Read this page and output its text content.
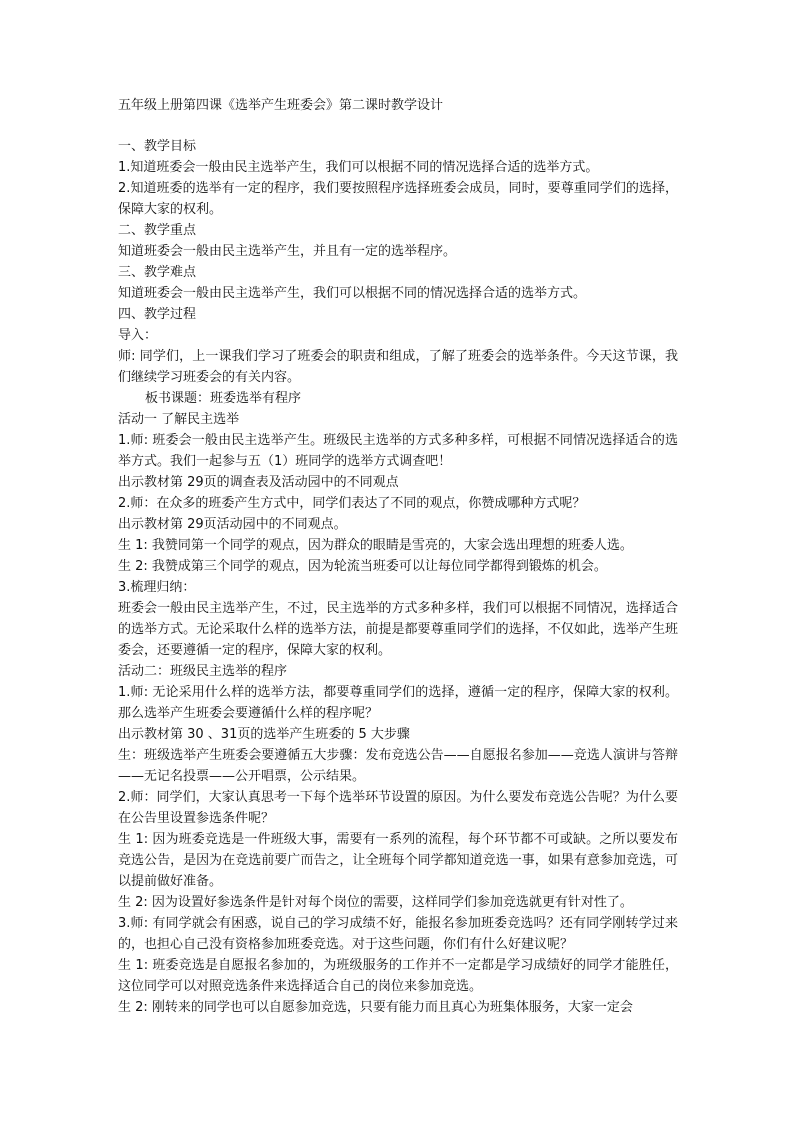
五年级上册第四课《选举产生班委会》第二课时教学设计

一、教学目标

1.知道班委会一般由民主选举产生，我们可以根据不同的情况选择合适的选举方式。

2.知道班委的选举有一定的程序，我们要按照程序选择班委会成员，同时，要尊重同学们的选择，保障大家的权利。

二、教学重点

知道班委会一般由民主选举产生，并且有一定的选举程序。

三、教学难点

知道班委会一般由民主选举产生，我们可以根据不同的情况选择合适的选举方式。

四、教学过程

导入：

师: 同学们，上一课我们学习了班委会的职责和组成，了解了班委会的选举条件。今天这节课，我们继续学习班委会的有关内容。

板书课题：班委选举有程序

活动一 了解民主选举

1.师: 班委会一般由民主选举产生。班级民主选举的方式多种多样，可根据不同情况选择适合的选举方式。我们一起参与五（1）班同学的选举方式调查吧！

出示教材第 29页的调查表及活动园中的不同观点

2.师：在众多的班委产生方式中，同学们表达了不同的观点，你赞成哪种方式呢？

出示教材第 29页活动园中的不同观点。

生 1: 我赞同第一个同学的观点，因为群众的眼睛是雪亮的，大家会选出理想的班委人选。

生 2: 我赞成第三个同学的观点，因为轮流当班委可以让每位同学都得到锻炼的机会。

3.梳理归纳：

班委会一般由民主选举产生，不过，民主选举的方式多种多样，我们可以根据不同情况，选择适合的选举方式。无论采取什么样的选举方法，前提是都要尊重同学们的选择，不仅如此，选举产生班委会，还要遵循一定的程序，保障大家的权利。

活动二：班级民主选举的程序

1.师: 无论采用什么样的选举方法，都要尊重同学们的选择，遵循一定的程序，保障大家的权利。那么选举产生班委会要遵循什么样的程序呢？

出示教材第 30 、31页的选举产生班委的 5 大步骤

生：班级选举产生班委会要遵循五大步骤：发布竞选公告——自愿报名参加——竞选人演讲与答辩——无记名投票——公开唱票，公示结果。

2.师：同学们，大家认真思考一下每个选举环节设置的原因。为什么要发布竞选公告呢？为什么要在公告里设置参选条件呢？

生 1: 因为班委竞选是一件班级大事，需要有一系列的流程，每个环节都不可或缺。之所以要发布竞选公告，是因为在竞选前要广而告之，让全班每个同学都知道竞选一事，如果有意参加竞选，可以提前做好准备。

生 2: 因为设置好参选条件是针对每个岗位的需要，这样同学们参加竞选就更有针对性了。

3.师: 有同学就会有困惑，说自己的学习成绩不好，能报名参加班委竞选吗？还有同学刚转学过来的，也担心自己没有资格参加班委竞选。对于这些问题，你们有什么好建议呢？

生 1: 班委竞选是自愿报名参加的，为班级服务的工作并不一定都是学习成绩好的同学才能胜任，这位同学可以对照竞选条件来选择适合自己的岗位来参加竞选。

生 2: 刚转来的同学也可以自愿参加竞选，只要有能力而且真心为班集体服务，大家一定会
